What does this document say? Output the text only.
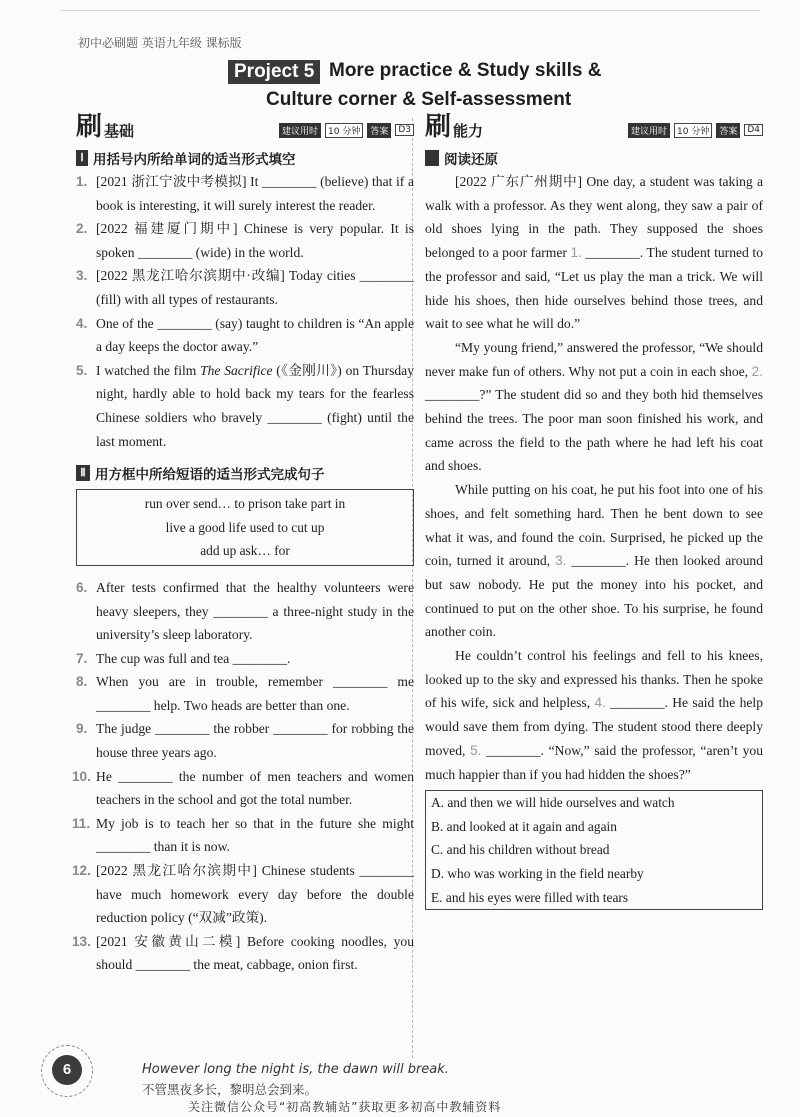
初中必刷题 英语九年级 课标版
Project 5 More practice & Study skills &
Culture corner & Self-assessment
刷 基础	建议用时	10 分钟	答案	D3
Ⅰ 用括号内所给单词的适当形式填空
1. [2021 浙江宁波中考模拟] It ________ (believe) that if a book is interesting, it will surely interest the reader.
2. [2022 福建厦门期中] Chinese is very popular. It is spoken ________ (wide) in the world.
3. [2022 黑龙江哈尔滨期中·改编] Today cities ________ (fill) with all types of restaurants.
4. One of the ________ (say) taught to children is “An apple a day keeps the doctor away.”
5. I watched the film The Sacrifice (《金刚川》) on Thursday night, hardly able to hold back my tears for the fearless Chinese soldiers who bravely ________ (fight) until the last moment.
Ⅱ 用方框中所给短语的适当形式完成句子
run over send… to prison take part in
live a good life used to cut up
add up ask… for
6. After tests confirmed that the healthy volunteers were heavy sleepers, they ________ a three-night study in the university’s sleep laboratory.
7. The cup was full and tea ________.
8. When you are in trouble, remember ________ me ________ help. Two heads are better than one.
9. The judge ________ the robber ________ for robbing the house three years ago.
10. He ________ the number of men teachers and women teachers in the school and got the total number.
11. My job is to teach her so that in the future she might ________ than it is now.
12. [2022 黑龙江哈尔滨期中] Chinese students ________ have much homework every day before the double reduction policy (“双减”政策).
13. [2021 安徽黄山二模] Before cooking noodles, you should ________ the meat, cabbage, onion first.
刷 能力	建议用时	10 分钟	答案	D4
阅读还原

[2022 广东广州期中] One day, a student was taking a walk with a professor. As they went along, they saw a pair of old shoes lying in the path. They supposed the shoes belonged to a poor farmer 1. ________. The student turned to the professor and said, “Let us play the man a trick. We will hide his shoes, then hide ourselves behind those trees, and wait to see what he will do.”

“My young friend,” answered the professor, “We should never make fun of others. Why not put a coin in each shoe, 2. ________?” The student did so and they both hid themselves behind the trees. The poor man soon finished his work, and came across the field to the path where he had left his coat and shoes.

While putting on his coat, he put his foot into one of his shoes, and felt something hard. Then he bent down to see what it was, and found the coin. Surprised, he picked up the coin, turned it around, 3. ________. He then looked around but saw nobody. He put the money into his pocket, and continued to put on the other shoe. To his surprise, he found another coin.

He couldn’t control his feelings and fell to his knees, looked up to the sky and expressed his thanks. Then he spoke of his wife, sick and helpless, 4. ________. He said the help would save them from dying. The student stood there deeply moved, 5. ________. “Now,” said the professor, “aren’t you much happier than if you had hidden the shoes?”

A. and then we will hide ourselves and watch
B. and looked at it again and again
C. and his children without bread
D. who was working in the field nearby
E. and his eyes were filled with tears
6	However long the night is, the dawn will break.
不管黑夜多长，黎明总会到来。
关注微信公众号“初高教辅站”获取更多初高中教辅资料
